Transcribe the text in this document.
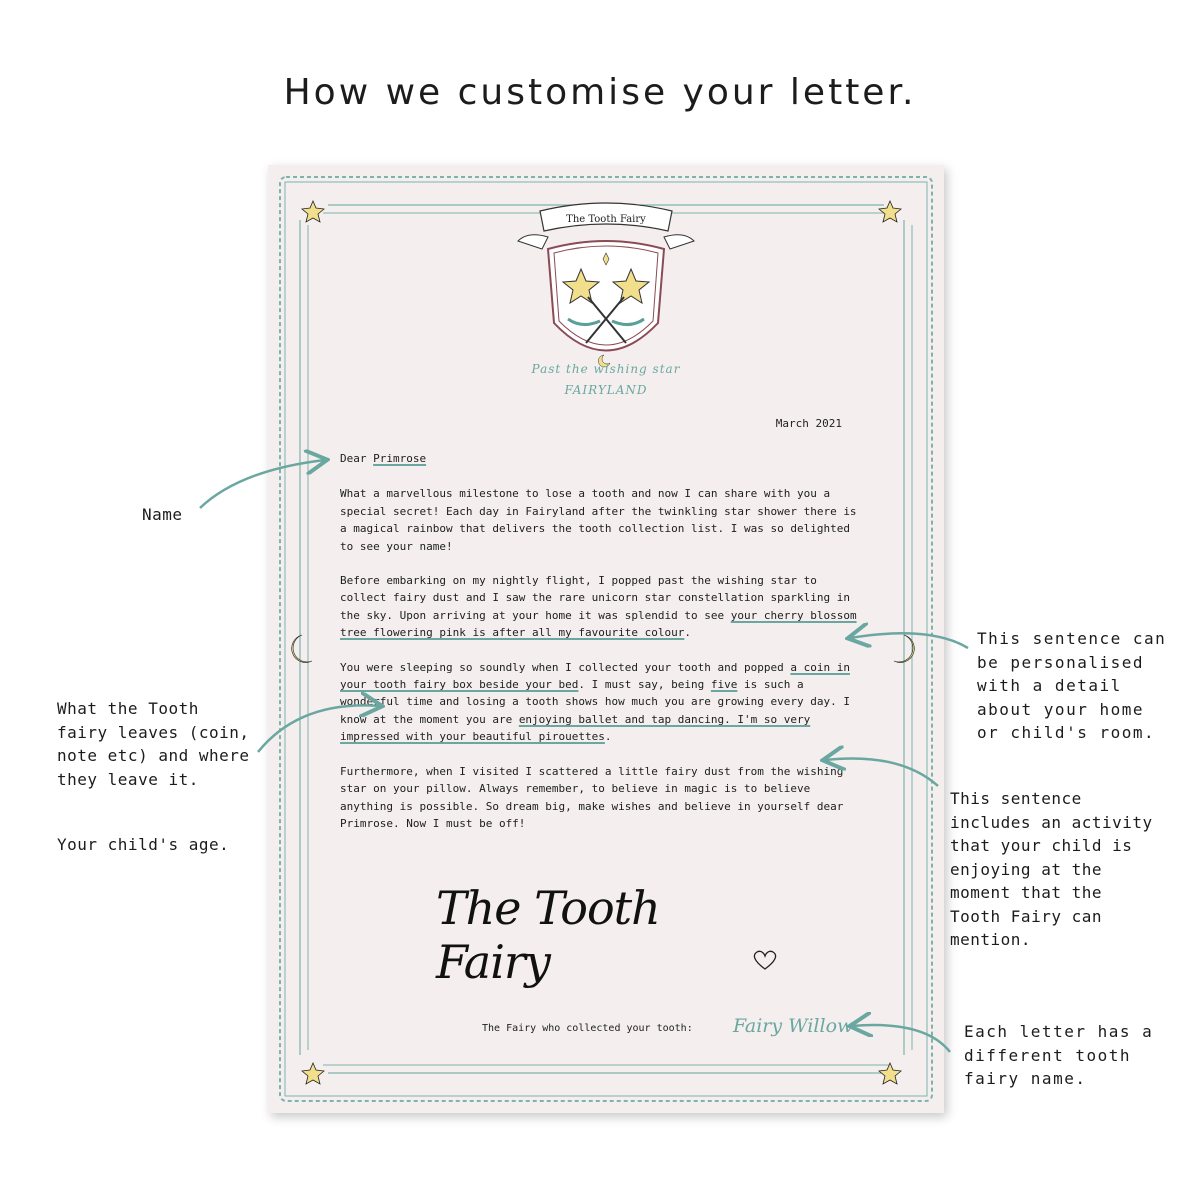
How we customise your letter.
The Tooth Fairy
Past the wishing star
FAIRYLAND
March 2021

Dear Primrose

What a marvellous milestone to lose a tooth and now I can share with you a special secret! Each day in Fairyland after the twinkling star shower there is a magical rainbow that delivers the tooth collection list. I was so delighted to see your name!

Before embarking on my nightly flight, I popped past the wishing star to collect fairy dust and I saw the rare unicorn star constellation sparkling in the sky. Upon arriving at your home it was splendid to see your cherry blossom tree flowering pink is after all my favourite colour.

You were sleeping so soundly when I collected your tooth and popped a coin in your tooth fairy box beside your bed. I must say, being five is such a wonderful time and losing a tooth shows how much you are growing every day. I know at the moment you are enjoying ballet and tap dancing. I'm so very impressed with your beautiful pirouettes.

Furthermore, when I visited I scattered a little fairy dust from the wishing star on your pillow. Always remember, to believe in magic is to believe anything is possible. So dream big, make wishes and believe in yourself dear Primrose. Now I must be off!

The Tooth Fairy
The Fairy who collected your tooth: Fairy Willow
Name
What the Tooth fairy leaves (coin, note etc) and where they leave it.
Your child's age.
This sentence can be personalised with a detail about your home or child's room.
This sentence includes an activity that your child is enjoying at the moment that the Tooth Fairy can mention.
Each letter has a different tooth fairy name.
